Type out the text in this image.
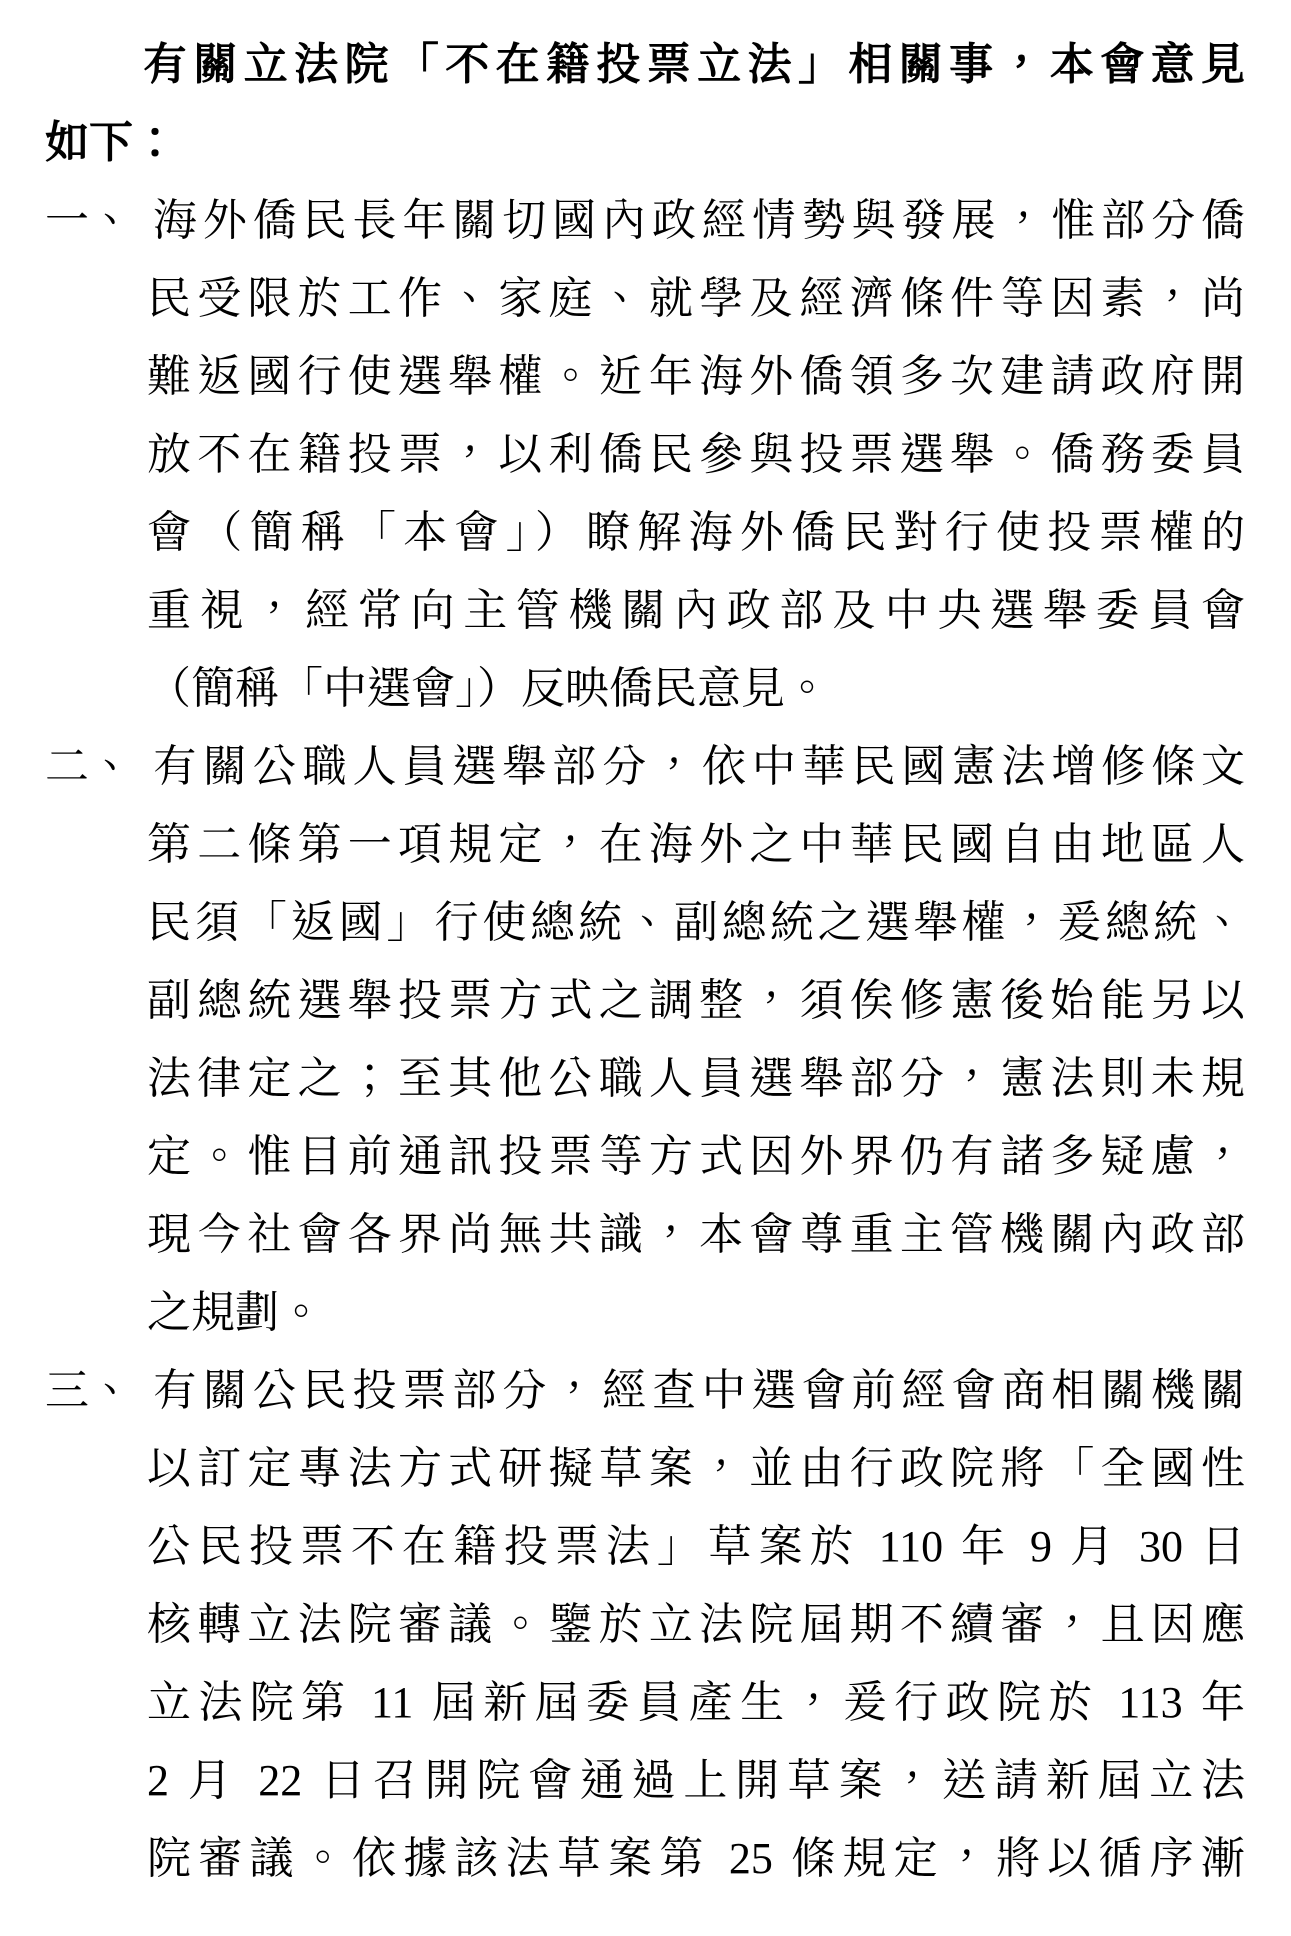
有關立法院「不在籍投票立法」相關事，本會意見
如下：
一、 海外僑民長年關切國內政經情勢與發展，惟部分僑
民受限於工作、家庭、就學及經濟條件等因素，尚
難返國行使選舉權。近年海外僑領多次建請政府開
放不在籍投票，以利僑民參與投票選舉。僑務委員
會（簡稱「本會」）瞭解海外僑民對行使投票權的
重視，經常向主管機關內政部及中央選舉委員會
（簡稱「中選會」）反映僑民意見。
二、 有關公職人員選舉部分，依中華民國憲法增修條文
第二條第一項規定，在海外之中華民國自由地區人
民須「返國」行使總統、副總統之選舉權，爰總統、
副總統選舉投票方式之調整，須俟修憲後始能另以
法律定之；至其他公職人員選舉部分，憲法則未規
定。惟目前通訊投票等方式因外界仍有諸多疑慮，
現今社會各界尚無共識，本會尊重主管機關內政部
之規劃。
三、 有關公民投票部分，經查中選會前經會商相關機關
以訂定專法方式研擬草案，並由行政院將「全國性
公民投票不在籍投票法」草案於 110 年 9 月 30 日
核轉立法院審議。鑒於立法院屆期不續審，且因應
立法院第 11 屆新屆委員產生，爰行政院於 113 年
2 月 22 日召開院會通過上開草案，送請新屆立法
院審議。依據該法草案第 25 條規定，將以循序漸
